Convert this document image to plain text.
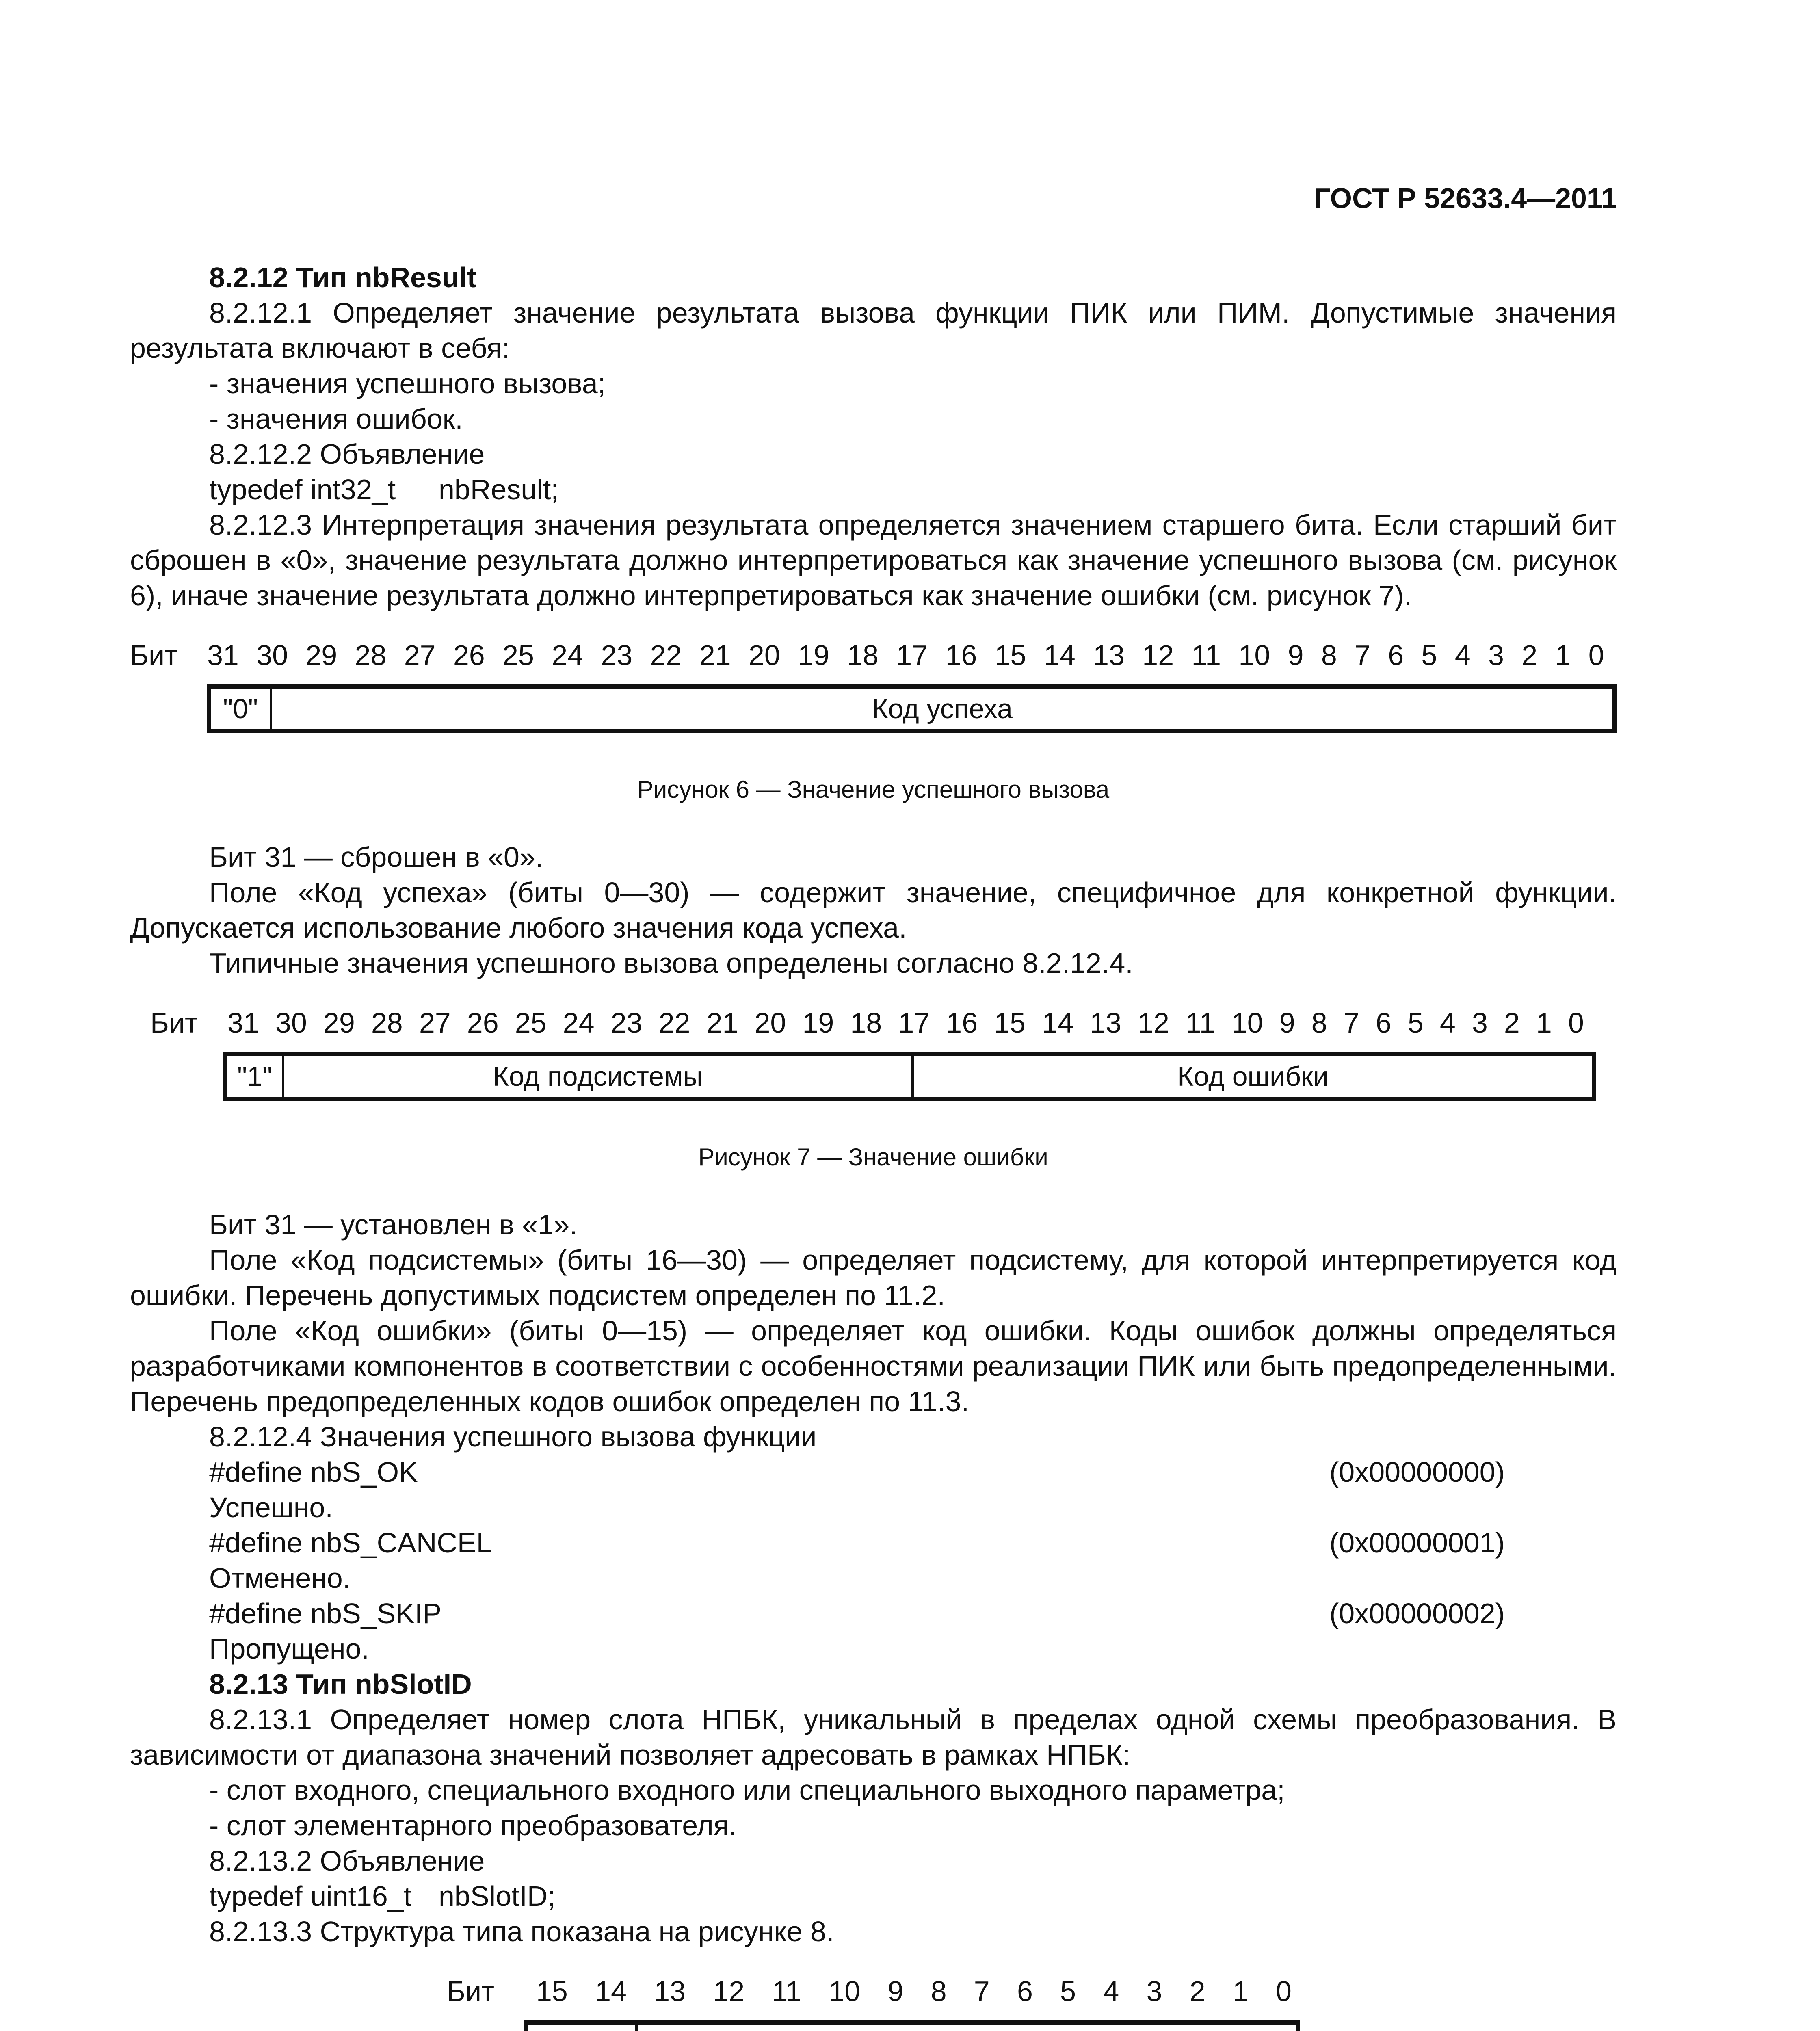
ГОСТ Р 52633.4—2011

8.2.12 Тип nbResult

8.2.12.1 Определяет значение результата вызова функции ПИК или ПИМ. Допустимые значения результата включают в себя:

- значения успешного вызова;

- значения ошибок.

8.2.12.2 Объявление

typedef int32_t	nbResult;

8.2.12.3 Интерпретация значения результата определяется значением старшего бита. Если старший бит сброшен в «0», значение результата должно интерпретироваться как значение успешного вызова (см. рисунок 6), иначе значение результата должно интерпретироваться как значение ошибки (см. рисунок 7).

Бит	31 30 29 28 27 26 25 24 23 22 21 20 19 18 17 16 15 14 13 12 11 10 9 8 7 6 5 4 3 2 1 0
"0"	Код успеха

Рисунок 6 — Значение успешного вызова

Бит 31 — сброшен в «0».

Поле «Код успеха» (биты 0—30) — содержит значение, специфичное для конкретной функции. Допускается использование любого значения кода успеха.

Типичные значения успешного вызова определены согласно 8.2.12.4.

Бит	31 30 29 28 27 26 25 24 23 22 21 20 19 18 17 16 15 14 13 12 11 10 9 8 7 6 5 4 3 2 1 0
"1"	Код подсистемы	Код ошибки

Рисунок 7 — Значение ошибки

Бит 31 — установлен в «1».

Поле «Код подсистемы» (биты 16—30) — определяет подсистему, для которой интерпретируется код ошибки. Перечень допустимых подсистем определен по 11.2.

Поле «Код ошибки» (биты 0—15) — определяет код ошибки. Коды ошибок должны определяться разработчиками компонентов в соответствии с особенностями реализации ПИК или быть предопределенными. Перечень предопределенных кодов ошибок определен по 11.3.

8.2.12.4 Значения успешного вызова функции

#define nbS_OK	(0x00000000)

Успешно.

#define nbS_CANCEL	(0x00000001)

Отменено.

#define nbS_SKIP	(0x00000002)

Пропущено.

8.2.13 Тип nbSlotID

8.2.13.1 Определяет номер слота НПБК, уникальный в пределах одной схемы преобразования. В зависимости от диапазона значений позволяет адресовать в рамках НПБК:

- слот входного, специального входного или специального выходного параметра;

- слот элементарного преобразователя.

8.2.13.2 Объявление

typedef uint16_t nbSlotID;

8.2.13.3 Структура типа показана на рисунке 8.

Бит	15 14 13 12 11 10 9 8 7 6 5 4 3 2 1 0
